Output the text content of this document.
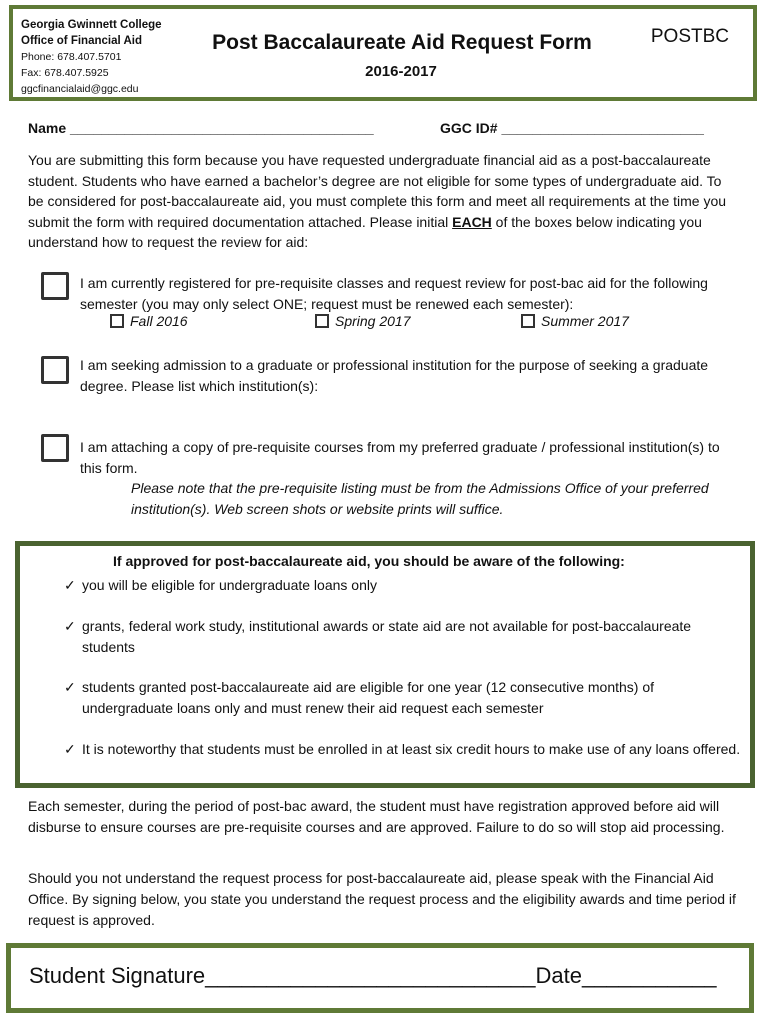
Georgia Gwinnett College
Office of Financial Aid
Phone: 678.407.5701
Fax: 678.407.5925
ggcfinancialaid@ggc.edu
Post Baccalaureate Aid Request Form
2016-2017
POSTBC
Name _______________________________________	GGC ID# __________________________
You are submitting this form because you have requested undergraduate financial aid as a post-baccalaureate student. Students who have earned a bachelor’s degree are not eligible for some types of undergraduate aid. To be considered for post-baccalaureate aid, you must complete this form and meet all requirements at the time you submit the form with required documentation attached. Please initial EACH of the boxes below indicating you understand how to request the review for aid:
I am currently registered for pre-requisite classes and request review for post-bac aid for the following semester (you may only select ONE; request must be renewed each semester):
Fall 2016	Spring 2017	Summer 2017
I am seeking admission to a graduate or professional institution for the purpose of seeking a graduate degree. Please list which institution(s):
I am attaching a copy of pre-requisite courses from my preferred graduate / professional institution(s) to this form.
Please note that the pre-requisite listing must be from the Admissions Office of your preferred institution(s). Web screen shots or website prints will suffice.
If approved for post-baccalaureate aid, you should be aware of the following:
✓ you will be eligible for undergraduate loans only
✓ grants, federal work study, institutional awards or state aid are not available for post-baccalaureate students
✓ students granted post-baccalaureate aid are eligible for one year (12 consecutive months) of undergraduate loans only and must renew their aid request each semester
✓ It is noteworthy that students must be enrolled in at least six credit hours to make use of any loans offered.
Each semester, during the period of post-bac award, the student must have registration approved before aid will disburse to ensure courses are pre-requisite courses and are approved. Failure to do so will stop aid processing.
Should you not understand the request process for post-baccalaureate aid, please speak with the Financial Aid Office. By signing below, you state you understand the request process and the eligibility awards and time period if request is approved.
Student Signature___________________________Date___________
